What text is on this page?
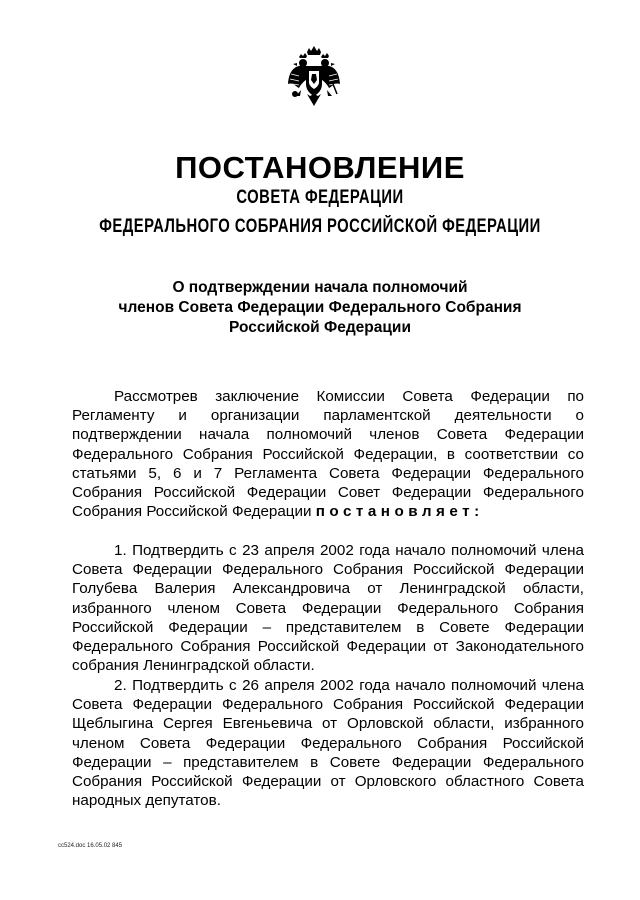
ПОСТАНОВЛЕНИЕ
СОВЕТА ФЕДЕРАЦИИ
ФЕДЕРАЛЬНОГО СОБРАНИЯ РОССИЙСКОЙ ФЕДЕРАЦИИ
О подтверждении начала полномочий
членов Совета Федерации Федерального Собрания
Российской Федерации

Рассмотрев заключение Комиссии Совета Федерации по Регламенту и организации парламентской деятельности о подтверждении начала полномочий членов Совета Федерации Федерального Собрания Российской Федерации, в соответствии со статьями 5, 6 и 7 Регламента Совета Федерации Федерального Собрания Российской Федерации Совет Федерации Федерального Собрания Российской Федерации постановляет:

1. Подтвердить с 23 апреля 2002 года начало полномочий члена Совета Федерации Федерального Собрания Российской Федерации Голубева Валерия Александровича от Ленинградской области, избранного членом Совета Федерации Федерального Собрания Российской Федерации – представителем в Совете Федерации Федерального Собрания Российской Федерации от Законодательного собрания Ленинградской области.

2. Подтвердить с 26 апреля 2002 года начало полномочий члена Совета Федерации Федерального Собрания Российской Федерации Щеблыгина Сергея Евгеньевича от Орловской области, избранного членом Совета Федерации Федерального Собрания Российской Федерации – представителем в Совете Федерации Федерального Собрания Российской Федерации от Орловского областного Совета народных депутатов.

сс524.doc 16.05.02 845
